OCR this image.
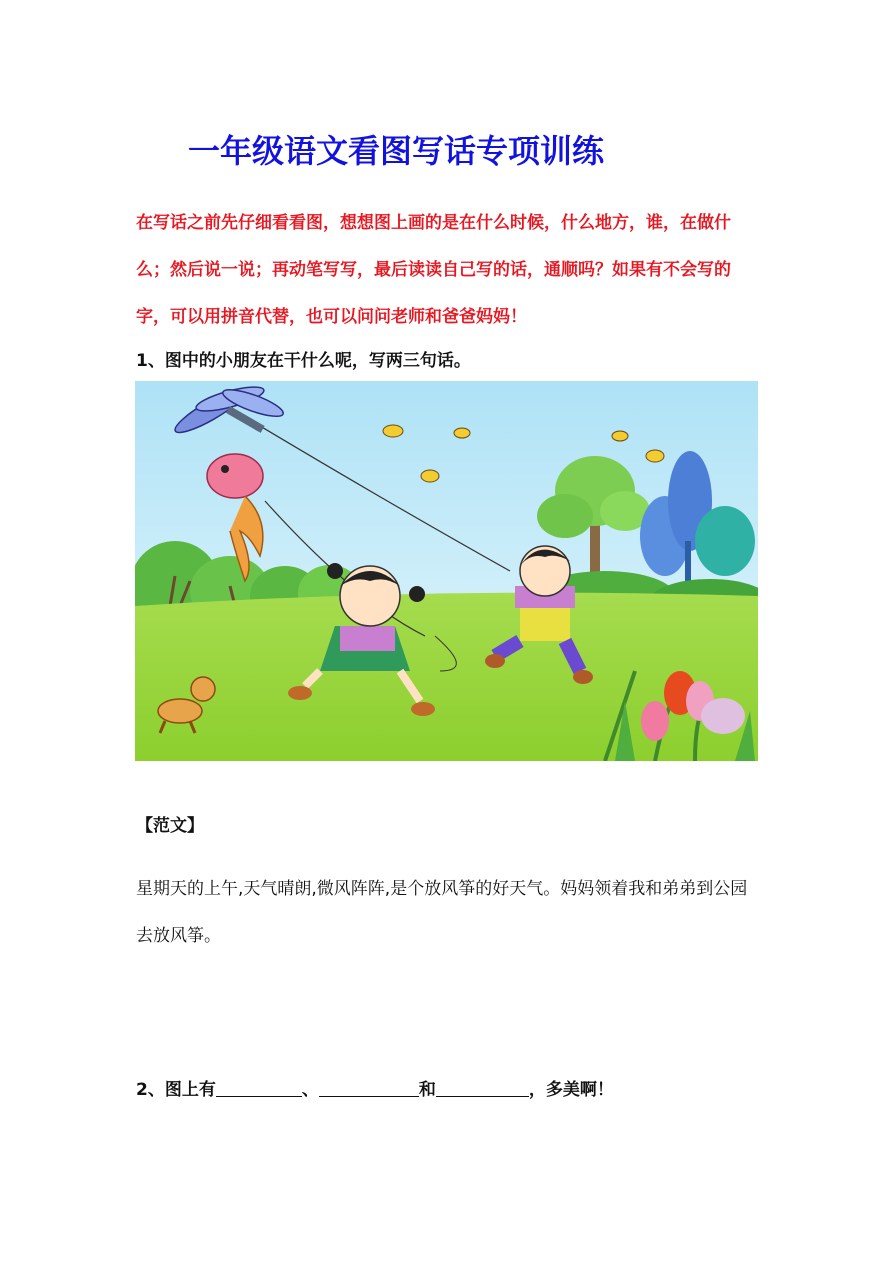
一年级语文看图写话专项训练
在写话之前先仔细看看图，想想图上画的是在什么时候，什么地方，谁，在做什么；然后说一说；再动笔写写，最后读读自己写的话，通顺吗？如果有不会写的字，可以用拼音代替，也可以问问老师和爸爸妈妈！
1、图中的小朋友在干什么呢，写两三句话。
【范文】
星期天的上午,天气晴朗,微风阵阵,是个放风筝的好天气。妈妈领着我和弟弟到公园去放风筝。
2、图上有	、	和	，多美啊！
